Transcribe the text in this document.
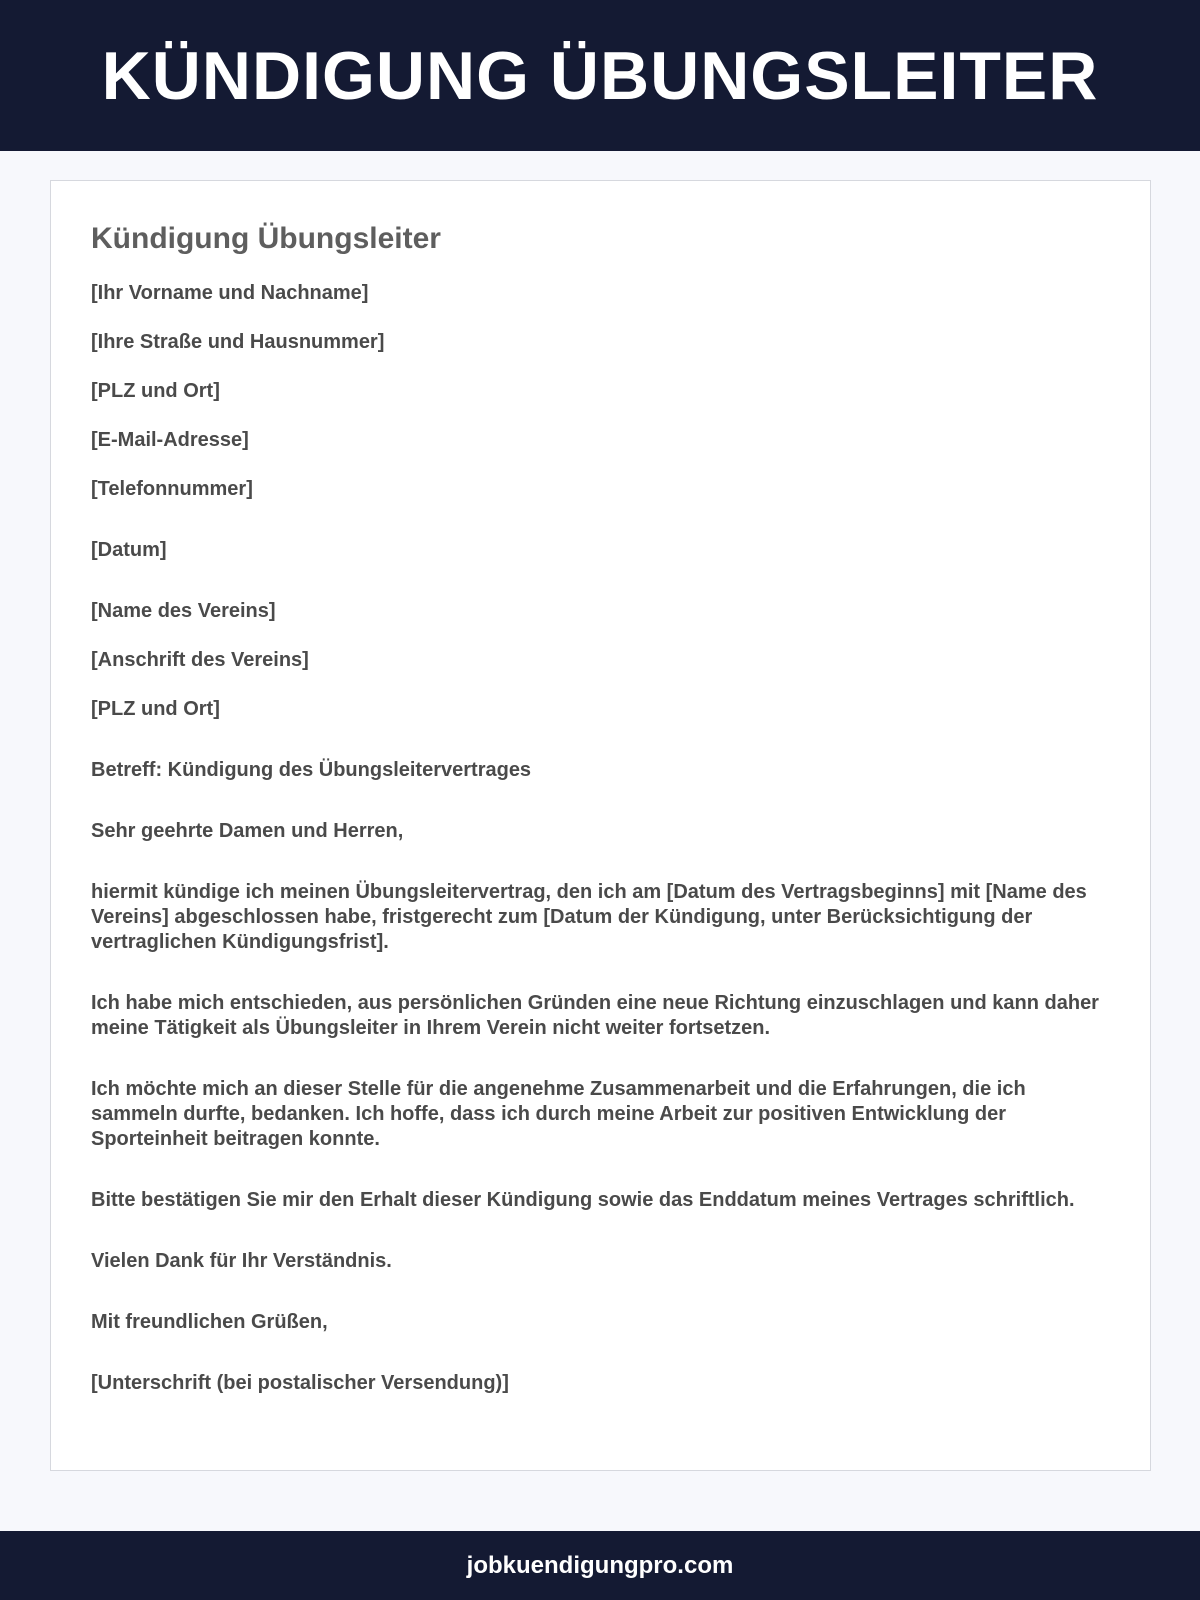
KÜNDIGUNG ÜBUNGSLEITER
Kündigung Übungsleiter
[Ihr Vorname und Nachname]
[Ihre Straße und Hausnummer]
[PLZ und Ort]
[E-Mail-Adresse]
[Telefonnummer]
[Datum]
[Name des Vereins]
[Anschrift des Vereins]
[PLZ und Ort]
Betreff: Kündigung des Übungsleitervertrages
Sehr geehrte Damen und Herren,
hiermit kündige ich meinen Übungsleitervertrag, den ich am [Datum des Vertragsbeginns] mit [Name des Vereins] abgeschlossen habe, fristgerecht zum [Datum der Kündigung, unter Berücksichtigung der vertraglichen Kündigungsfrist].
Ich habe mich entschieden, aus persönlichen Gründen eine neue Richtung einzuschlagen und kann daher meine Tätigkeit als Übungsleiter in Ihrem Verein nicht weiter fortsetzen.
Ich möchte mich an dieser Stelle für die angenehme Zusammenarbeit und die Erfahrungen, die ich sammeln durfte, bedanken. Ich hoffe, dass ich durch meine Arbeit zur positiven Entwicklung der Sporteinheit beitragen konnte.
Bitte bestätigen Sie mir den Erhalt dieser Kündigung sowie das Enddatum meines Vertrages schriftlich.
Vielen Dank für Ihr Verständnis.
Mit freundlichen Grüßen,
[Unterschrift (bei postalischer Versendung)]
jobkuendigungpro.com
